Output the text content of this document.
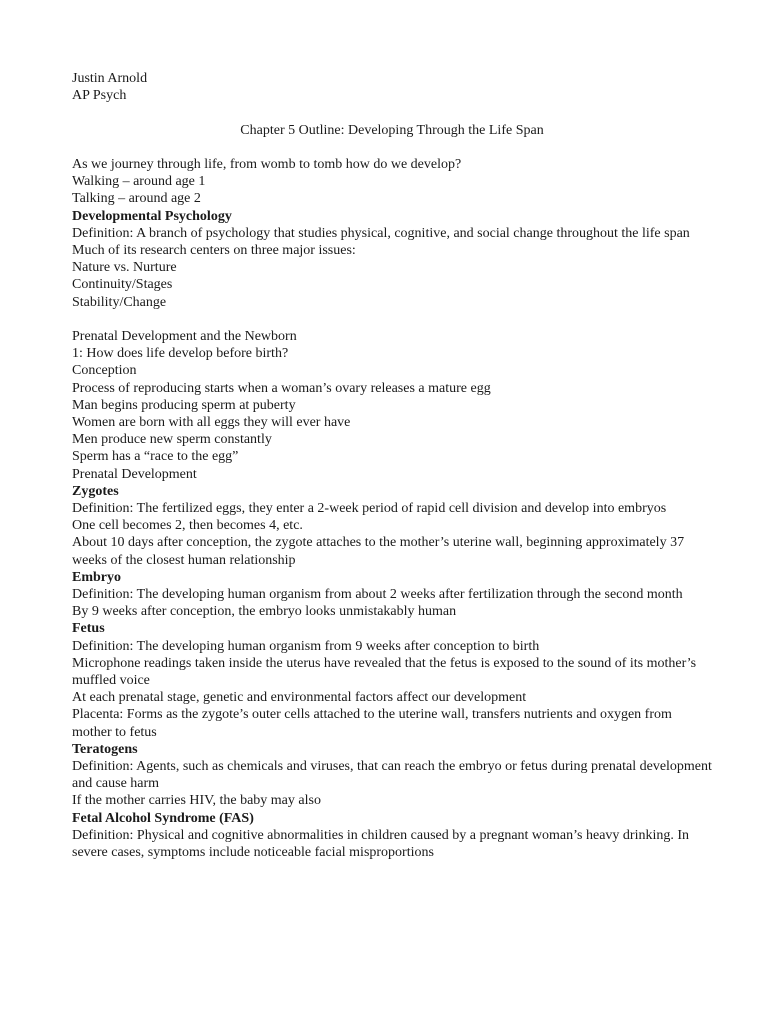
Justin Arnold
AP Psych
Chapter 5 Outline: Developing Through the Life Span
As we journey through life, from womb to tomb how do we develop?
Walking – around age 1
Talking – around age 2
Developmental Psychology
Definition: A branch of psychology that studies physical, cognitive, and social change throughout the life span
Much of its research centers on three major issues:
Nature vs. Nurture
Continuity/Stages
Stability/Change
Prenatal Development and the Newborn
1: How does life develop before birth?
Conception
Process of reproducing starts when a woman’s ovary releases a mature egg
Man begins producing sperm at puberty
Women are born with all eggs they will ever have
Men produce new sperm constantly
Sperm has a “race to the egg”
Prenatal Development
Zygotes
Definition: The fertilized eggs, they enter a 2-week period of rapid cell division and develop into embryos
One cell becomes 2, then becomes 4, etc.
About 10 days after conception, the zygote attaches to the mother’s uterine wall, beginning approximately 37 weeks of the closest human relationship
Embryo
Definition: The developing human organism from about 2 weeks after fertilization through the second month
By 9 weeks after conception, the embryo looks unmistakably human
Fetus
Definition: The developing human organism from 9 weeks after conception to birth
Microphone readings taken inside the uterus have revealed that the fetus is exposed to the sound of its mother’s muffled voice
At each prenatal stage, genetic and environmental factors affect our development
Placenta: Forms as the zygote’s outer cells attached to the uterine wall, transfers nutrients and oxygen from mother to fetus
Teratogens
Definition: Agents, such as chemicals and viruses, that can reach the embryo or fetus during prenatal development and cause harm
If the mother carries HIV, the baby may also
Fetal Alcohol Syndrome (FAS)
Definition: Physical and cognitive abnormalities in children caused by a pregnant woman’s heavy drinking. In severe cases, symptoms include noticeable facial misproportions
